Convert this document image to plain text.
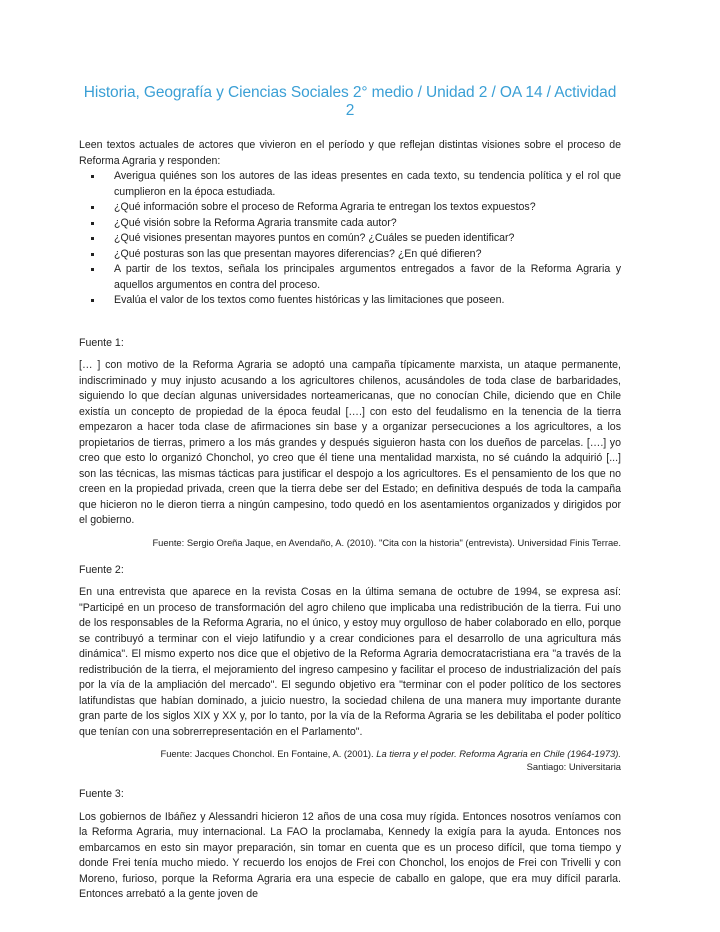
Historia, Geografía y Ciencias Sociales 2° medio / Unidad 2 / OA 14 / Actividad 2

Leen textos actuales de actores que vivieron en el período y que reflejan distintas visiones sobre el proceso de Reforma Agraria y responden:

Averigua quiénes son los autores de las ideas presentes en cada texto, su tendencia política y el rol que cumplieron en la época estudiada.
¿Qué información sobre el proceso de Reforma Agraria te entregan los textos expuestos?
¿Qué visión sobre la Reforma Agraria transmite cada autor?
¿Qué visiones presentan mayores puntos en común? ¿Cuáles se pueden identificar?
¿Qué posturas son las que presentan mayores diferencias? ¿En qué difieren?
A partir de los textos, señala los principales argumentos entregados a favor de la Reforma Agraria y aquellos argumentos en contra del proceso.
Evalúa el valor de los textos como fuentes históricas y las limitaciones que poseen.

Fuente 1:

[… ] con motivo de la Reforma Agraria se adoptó una campaña típicamente marxista, un ataque permanente, indiscriminado y muy injusto acusando a los agricultores chilenos, acusándoles de toda clase de barbaridades, siguiendo lo que decían algunas universidades norteamericanas, que no conocían Chile, diciendo que en Chile existía un concepto de propiedad de la época feudal [….] con esto del feudalismo en la tenencia de la tierra empezaron a hacer toda clase de afirmaciones sin base y a organizar persecuciones a los agricultores, a los propietarios de tierras, primero a los más grandes y después siguieron hasta con los dueños de parcelas. [….] yo creo que esto lo organizó Chonchol, yo creo que él tiene una mentalidad marxista, no sé cuándo la adquirió [...] son las técnicas, las mismas tácticas para justificar el despojo a los agricultores. Es el pensamiento de los que no creen en la propiedad privada, creen que la tierra debe ser del Estado; en definitiva después de toda la campaña que hicieron no le dieron tierra a ningún campesino, todo quedó en los asentamientos organizados y dirigidos por el gobierno.

Fuente: Sergio Oreña Jaque, en Avendaño, A. (2010). "Cita con la historia" (entrevista). Universidad Finis Terrae.

Fuente 2:

En una entrevista que aparece en la revista Cosas en la última semana de octubre de 1994, se expresa así: "Participé en un proceso de transformación del agro chileno que implicaba una redistribución de la tierra. Fui uno de los responsables de la Reforma Agraria, no el único, y estoy muy orgulloso de haber colaborado en ello, porque se contribuyó a terminar con el viejo latifundio y a crear condiciones para el desarrollo de una agricultura más dinámica". El mismo experto nos dice que el objetivo de la Reforma Agraria democratacristiana era "a través de la redistribución de la tierra, el mejoramiento del ingreso campesino y facilitar el proceso de industrialización del país por la vía de la ampliación del mercado". El segundo objetivo era "terminar con el poder político de los sectores latifundistas que habían dominado, a juicio nuestro, la sociedad chilena de una manera muy importante durante gran parte de los siglos XIX y XX y, por lo tanto, por la vía de la Reforma Agraria se les debilitaba el poder político que tenían con una sobrerrepresentación en el Parlamento".

Fuente: Jacques Chonchol. En Fontaine, A. (2001). La tierra y el poder. Reforma Agraria en Chile (1964-1973).
Santiago: Universitaria

Fuente 3:

Los gobiernos de Ibáñez y Alessandri hicieron 12 años de una cosa muy rígida. Entonces nosotros veníamos con la Reforma Agraria, muy internacional. La FAO la proclamaba, Kennedy la exigía para la ayuda. Entonces nos embarcamos en esto sin mayor preparación, sin tomar en cuenta que es un proceso difícil, que toma tiempo y donde Frei tenía mucho miedo. Y recuerdo los enojos de Frei con Chonchol, los enojos de Frei con Trivelli y con Moreno, furioso, porque la Reforma Agraria era una especie de caballo en galope, que era muy difícil pararla. Entonces arrebató a la gente joven de
